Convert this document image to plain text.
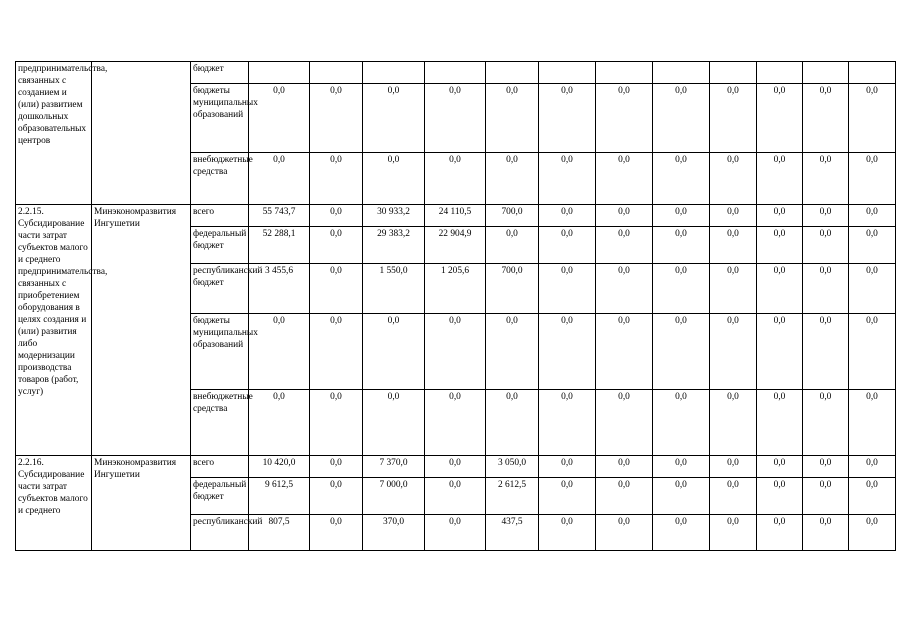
предпринимательства, связанных с созданием и (или) развитием дошкольных образовательных центров		бюджет												
		бюджеты муниципальных образований	0,0	0,0	0,0	0,0	0,0	0,0	0,0	0,0	0,0	0,0	0,0	0,0
		внебюджетные средства	0,0	0,0	0,0	0,0	0,0	0,0	0,0	0,0	0,0	0,0	0,0	0,0
2.2.15. Субсидирование части затрат субъектов малого и среднего предпринимательства, связанных с приобретением оборудования в целях создания и (или) развития либо модернизации производства товаров (работ, услуг)	Минэкономразвития Ингушетии	всего	55 743,7	0,0	30 933,2	24 110,5	700,0	0,0	0,0	0,0	0,0	0,0	0,0	0,0
		федеральный бюджет	52 288,1	0,0	29 383,2	22 904,9	0,0	0,0	0,0	0,0	0,0	0,0	0,0	0,0
		республиканский бюджет	3 455,6	0,0	1 550,0	1 205,6	700,0	0,0	0,0	0,0	0,0	0,0	0,0	0,0
		бюджеты муниципальных образований	0,0	0,0	0,0	0,0	0,0	0,0	0,0	0,0	0,0	0,0	0,0	0,0
		внебюджетные средства	0,0	0,0	0,0	0,0	0,0	0,0	0,0	0,0	0,0	0,0	0,0	0,0
2.2.16. Субсидирование части затрат субъектов малого и среднего	Минэкономразвития Ингушетии	всего	10 420,0	0,0	7 370,0	0,0	3 050,0	0,0	0,0	0,0	0,0	0,0	0,0	0,0
		федеральный бюджет	9 612,5	0,0	7 000,0	0,0	2 612,5	0,0	0,0	0,0	0,0	0,0	0,0	0,0
		республиканский	807,5	0,0	370,0	0,0	437,5	0,0	0,0	0,0	0,0	0,0	0,0	0,0
